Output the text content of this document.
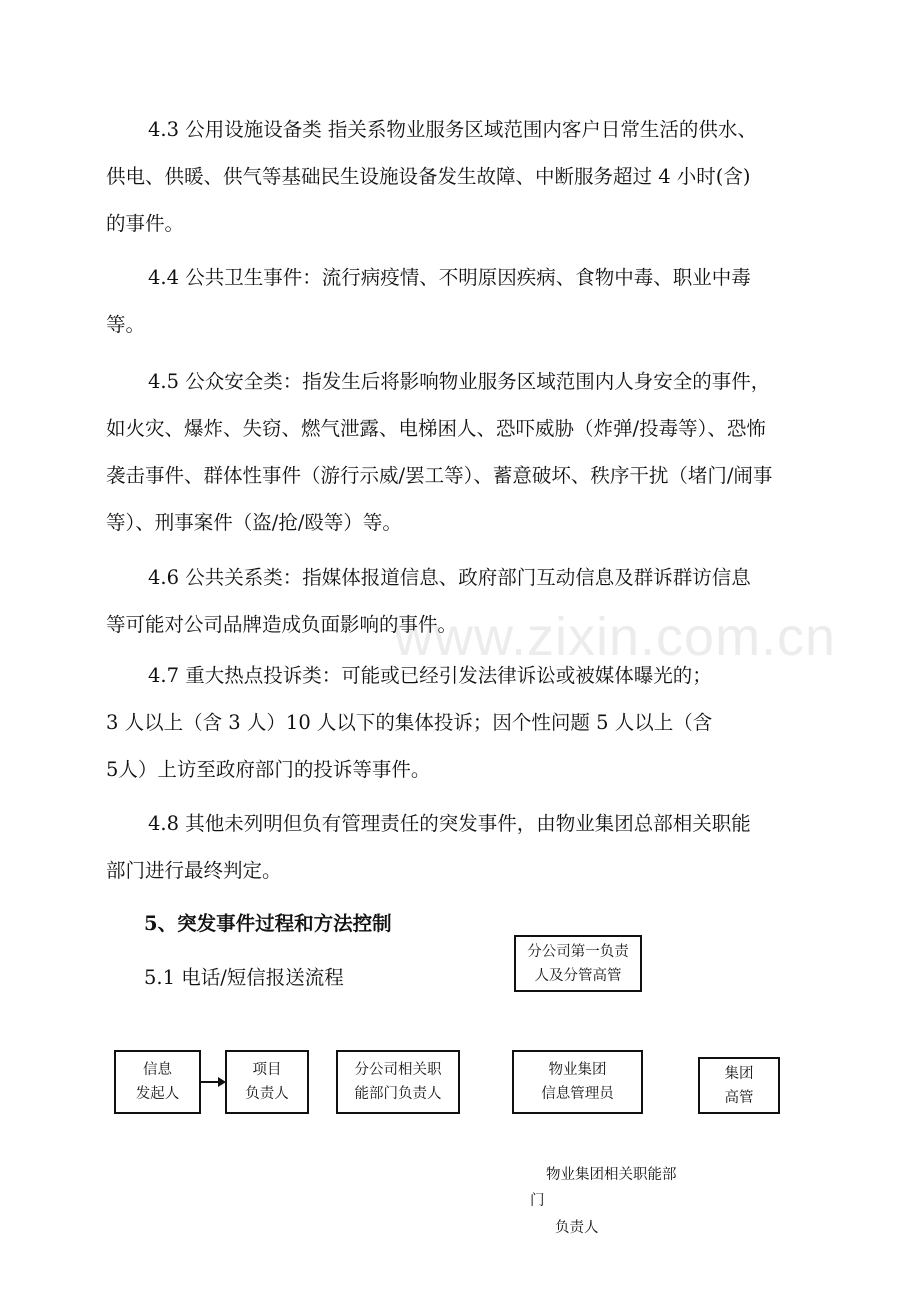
www.zixin.com.cn

4.3 公用设施设备类 指关系物业服务区域范围内客户日常生活的供水、
供电、供暖、供气等基础民生设施设备发生故障、中断服务超过 4 小时(含)
的事件。

4.4 公共卫生事件：流行病疫情、不明原因疾病、食物中毒、职业中毒
等。

4.5 公众安全类：指发生后将影响物业服务区域范围内人身安全的事件，
如火灾、爆炸、失窃、燃气泄露、电梯困人、恐吓威胁（炸弹/投毒等）、恐怖
袭击事件、群体性事件（游行示威/罢工等）、蓄意破坏、秩序干扰（堵门/闹事
等）、刑事案件（盗/抢/殴等）等。

4.6 公共关系类：指媒体报道信息、政府部门互动信息及群诉群访信息
等可能对公司品牌造成负面影响的事件。

4.7 重大热点投诉类：可能或已经引发法律诉讼或被媒体曝光的；
3 人以上（含 3 人）10 人以下的集体投诉；因个性问题 5 人以上（含
5人）上访至政府部门的投诉等事件。

4.8 其他未列明但负有管理责任的突发事件，由物业集团总部相关职能
部门进行最终判定。

5、突发事件过程和方法控制

5.1 电话/短信报送流程

分公司第一负责
人及分管高管
信息
发起人
项目
负责人
分公司相关职
能部门负责人
物业集团
信息管理员
集团
高管
物业集团相关职能部
门
负责人
